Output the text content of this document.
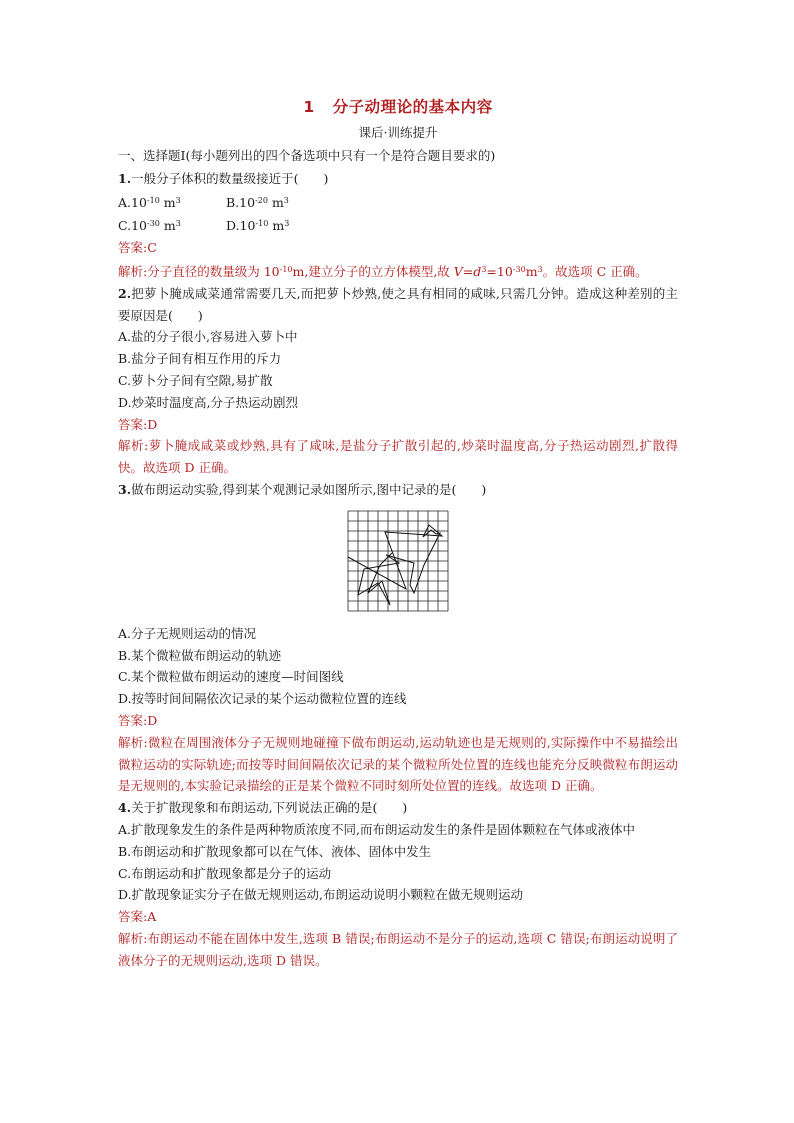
1 分子动理论的基本内容
课后·训练提升
一、选择题Ⅰ(每小题列出的四个备选项中只有一个是符合题目要求的)
1.一般分子体积的数量级接近于(　　)
$A.10^{-10}$ $m^3$	$B.10^{-20}$ $m^3$
$C.10^{-30}$ $m^3$	$D.10^{-10}$ $m^3$
答案:C
解析:分子直径的数量级为 $10^{-10}m$,建立分子的立方体模型,故 $V=d^3=10^{-30}m^3$。故选项 C 正确。
2.把萝卜腌成咸菜通常需要几天,而把萝卜炒熟,使之具有相同的咸味,只需几分钟。造成这种差别的主要原因是(　　)
A.盐的分子很小,容易进入萝卜中
B.盐分子间有相互作用的斥力
C.萝卜分子间有空隙,易扩散
D.炒菜时温度高,分子热运动剧烈
答案:D
解析:萝卜腌成咸菜或炒熟,具有了咸味,是盐分子扩散引起的,炒菜时温度高,分子热运动剧烈,扩散得快。故选项 D 正确。
3.做布朗运动实验,得到某个观测记录如图所示,图中记录的是(　　)
A.分子无规则运动的情况
B.某个微粒做布朗运动的轨迹
C.某个微粒做布朗运动的速度—时间图线
D.按等时间间隔依次记录的某个运动微粒位置的连线
答案:D
解析:微粒在周围液体分子无规则地碰撞下做布朗运动,运动轨迹也是无规则的,实际操作中不易描绘出微粒运动的实际轨迹;而按等时间间隔依次记录的某个微粒所处位置的连线也能充分反映微粒布朗运动是无规则的,本实验记录描绘的正是某个微粒不同时刻所处位置的连线。故选项 D 正确。
4.关于扩散现象和布朗运动,下列说法正确的是(　　)
A.扩散现象发生的条件是两种物质浓度不同,而布朗运动发生的条件是固体颗粒在气体或液体中
B.布朗运动和扩散现象都可以在气体、液体、固体中发生
C.布朗运动和扩散现象都是分子的运动
D.扩散现象证实分子在做无规则运动,布朗运动说明小颗粒在做无规则运动
答案:A
解析:布朗运动不能在固体中发生,选项 B 错误;布朗运动不是分子的运动,选项 C 错误;布朗运动说明了液体分子的无规则运动,选项 D 错误。
